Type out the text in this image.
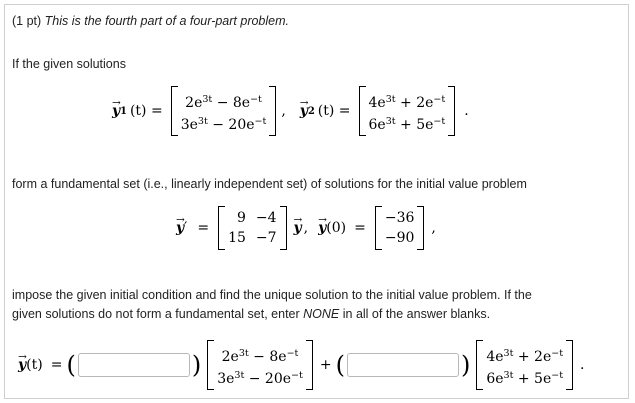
(1 pt) This is the fourth part of a four-part problem.
If the given solutions
→ y 1 $(t) = 2e^{3t} - 8e^{-t}$
$3e^{3t} - 20e^{-t}$
, → y 2 $(t) = 4e^{3t} + 2e^{-t}$
$6e^{3t} + 5e^{-t}$
.
form a fundamental set (i.e., linearly independent set) of solutions for the initial value problem
→ y ′ =
9 −4
15 −7
→ y , → y (0) =
−36
−90
,
impose the given initial condition and find the unique solution to the initial value problem. If the
given solutions do not form a fundamental set, enter NONE in all of the answer blanks.
→ y (t) = (	) $2e^{3t} - 8e^{-t}$
$3e^{3t} - 20e^{-t}$
+ (	) $4e^{3t} + 2e^{-t}$
$6e^{3t} + 5e^{-t}$
.
